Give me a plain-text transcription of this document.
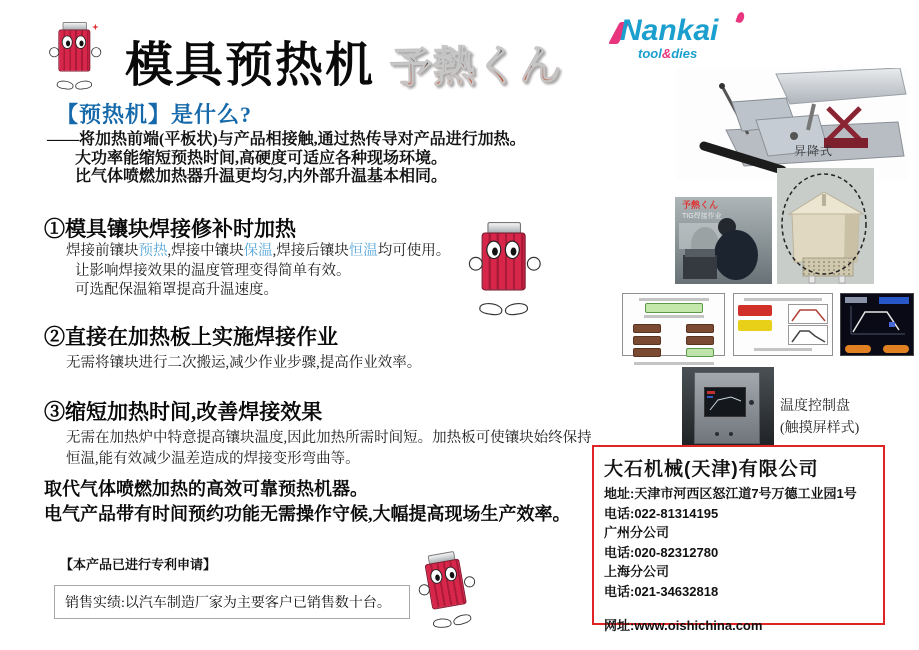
模具预热机 予熱くん
Nankai
tool&dies
【预热机】是什么?
——将加热前端(平板状)与产品相接触,通过热传导对产品进行加热。
大功率能缩短预热时间,高硬度可适应各种现场环境。
比气体喷燃加热器升温更均匀,内外部升温基本相同。
①模具镶块焊接修补时加热
焊接前镶块预热,焊接中镶块保温,焊接后镶块恒温均可使用。
让影响焊接效果的温度管理变得简单有效。
可选配保温箱罩提高升温速度。
②直接在加热板上实施焊接作业
无需将镶块进行二次搬运,减少作业步骤,提高作业效率。
③缩短加热时间,改善焊接效果
无需在加热炉中特意提高镶块温度,因此加热所需时间短。加热板可使镶块始终保持
恒温,能有效减少温差造成的焊接变形弯曲等。
取代气体喷燃加热的高效可靠预热机器。
电气产品带有时间预约功能无需操作守候,大幅提高现场生产效率。
【本产品已进行专利申请】
销售实绩:以汽车制造厂家为主要客户已销售数十台。
昇降式
予熱くん
TIG焊接作业
温度控制盘
(触摸屏样式)
大石机械(天津)有限公司
地址:天津市河西区怒江道7号万德工业园1号
电话:022-81314195
广州分公司
电话:020-82312780
上海分公司
电话:021-34632818
网址:www.oishichina.com
